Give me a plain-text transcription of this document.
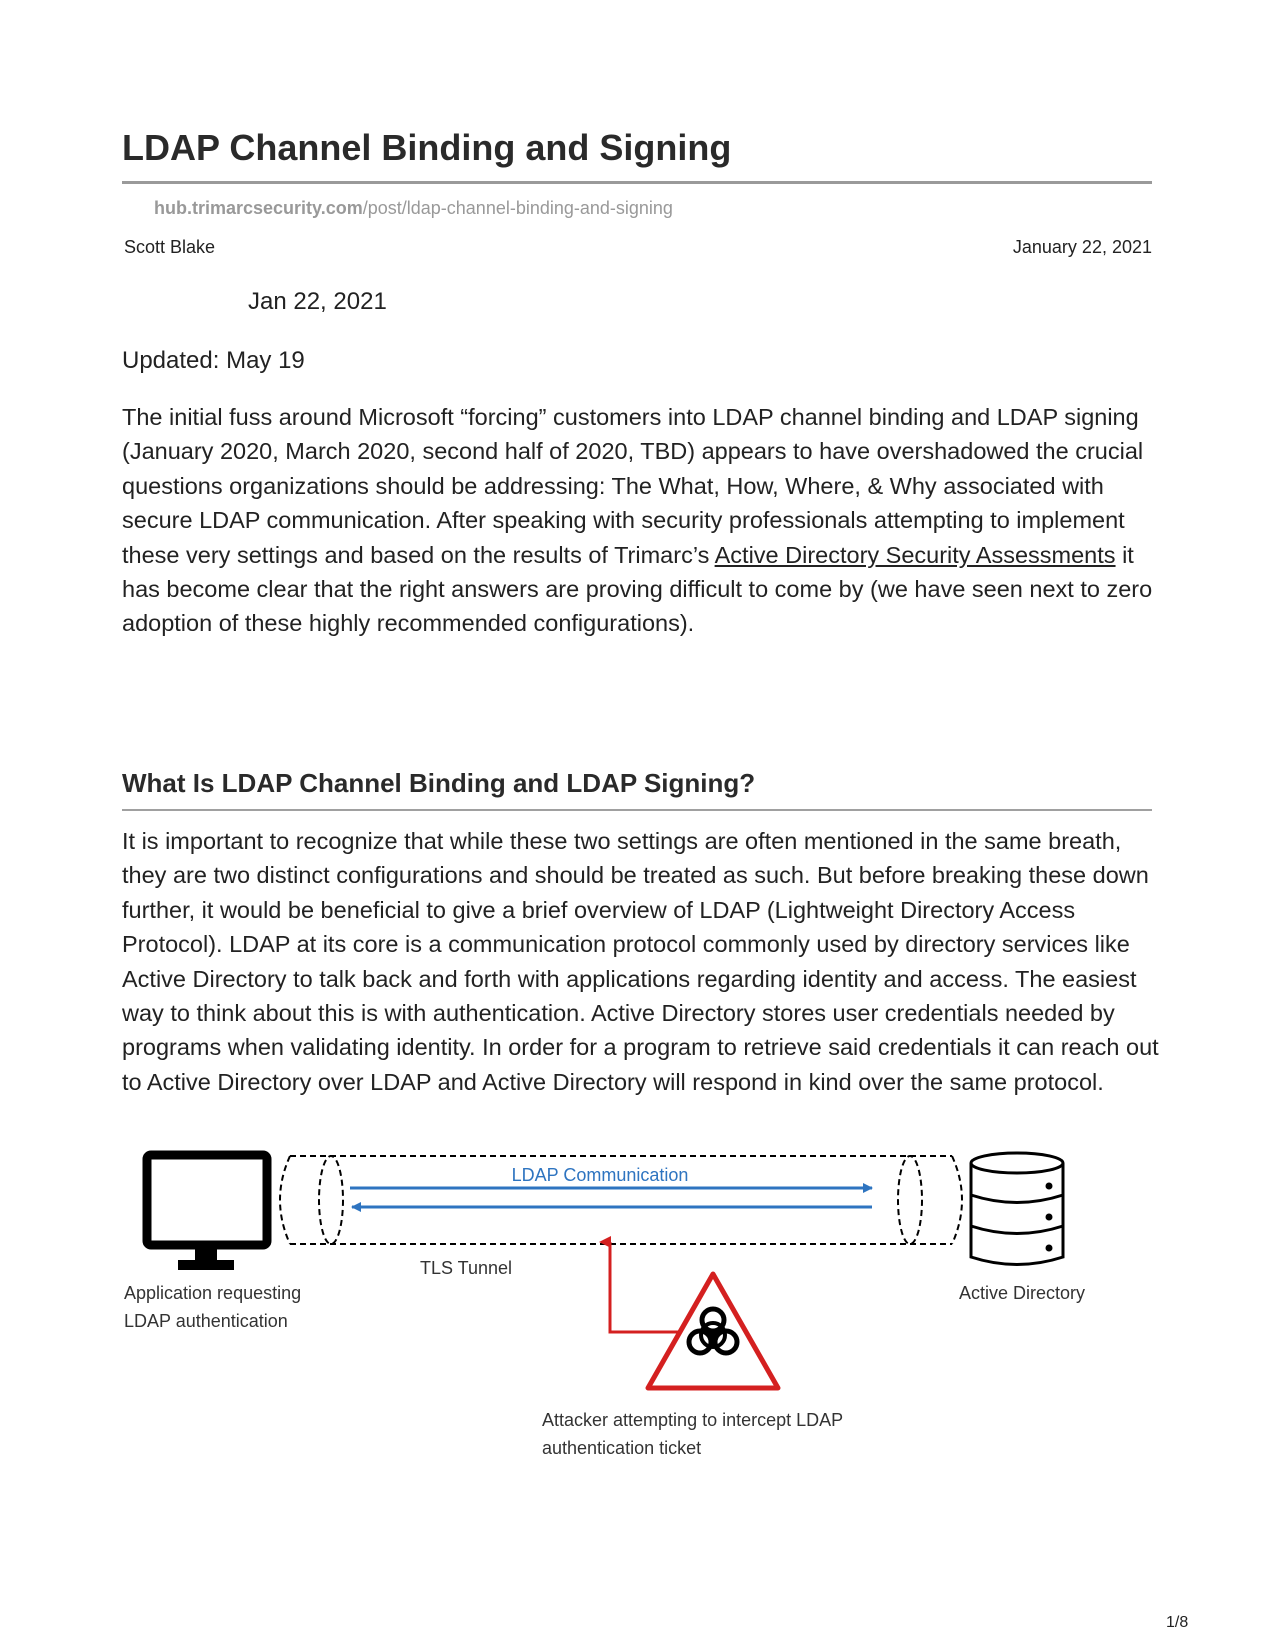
LDAP Channel Binding and Signing
hub.trimarcsecurity.com/post/ldap-channel-binding-and-signing
Scott Blake	January 22, 2021
Jan 22, 2021
Updated: May 19

The initial fuss around Microsoft “forcing” customers into LDAP channel binding and LDAP signing (January 2020, March 2020, second half of 2020, TBD) appears to have overshadowed the crucial questions organizations should be addressing: The What, How, Where, & Why associated with secure LDAP communication. After speaking with security professionals attempting to implement these very settings and based on the results of Trimarc’s Active Directory Security Assessments it has become clear that the right answers are proving difficult to come by (we have seen next to zero adoption of these highly recommended configurations).

What Is LDAP Channel Binding and LDAP Signing?

It is important to recognize that while these two settings are often mentioned in the same breath, they are two distinct configurations and should be treated as such. But before breaking these down further, it would be beneficial to give a brief overview of LDAP (Lightweight Directory Access Protocol). LDAP at its core is a communication protocol commonly used by directory services like Active Directory to talk back and forth with applications regarding identity and access. The easiest way to think about this is with authentication. Active Directory stores user credentials needed by programs when validating identity. In order for a program to retrieve said credentials it can reach out to Active Directory over LDAP and Active Directory will respond in kind over the same protocol.

LDAP Communication
TLS Tunnel
Application requesting
LDAP authentication
Active Directory
Attacker attempting to intercept LDAP
authentication ticket
1/8
